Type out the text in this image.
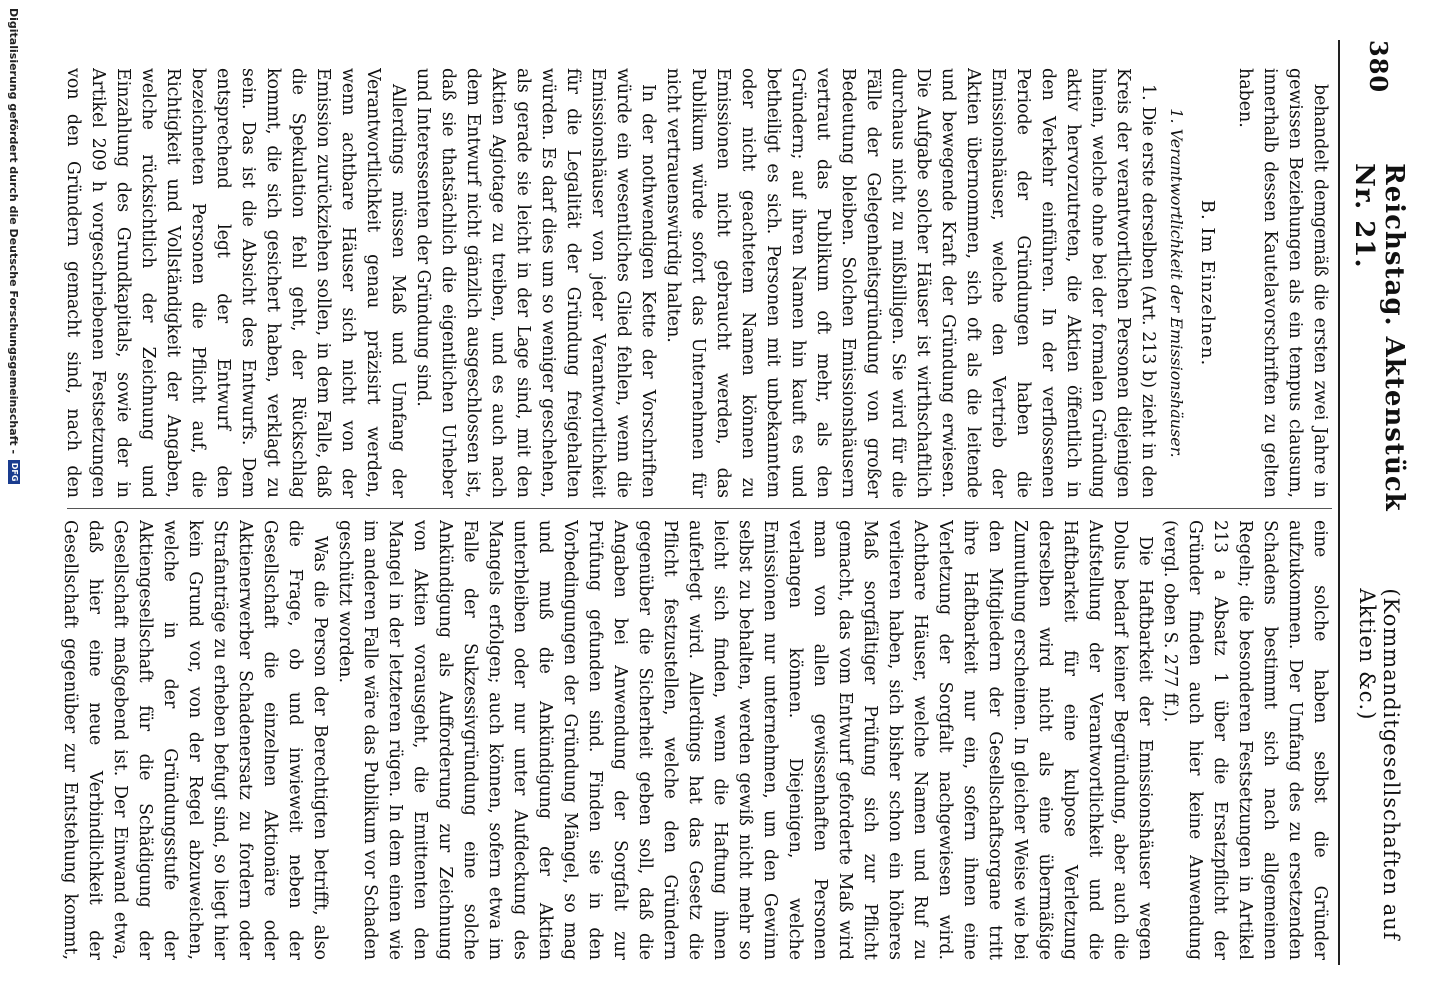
380
Reichstag. Aktenstück Nr. 21.
(Kommanditgesellschaften auf Aktien &c.)

behandelt demgemäß die ersten zwei Jahre in gewissen Beziehungen als ein tempus clausum, innerhalb dessen Kautelavorschriften zu gelten haben.

B. Im Einzelnen.
1. Verantwortlichkeit der Emissionshäuser.

1. Die erste derselben (Art. 213 b) zieht in den Kreis der verantwortlichen Personen diejenigen hinein, welche ohne bei der formalen Gründung aktiv hervorzutreten, die Aktien öffentlich in den Verkehr einführen. In der verflossenen Periode der Gründungen haben die Emissionshäuser, welche den Vertrieb der Aktien übernommen, sich oft als die leitende und bewegende Kraft der Gründung erwiesen. Die Aufgabe solcher Häuser ist wirthschaftlich durchaus nicht zu mißbilligen. Sie wird für die Fälle der Gelegenheitsgründung von großer Bedeutung bleiben. Solchen Emissionshäusern vertraut das Publikum oft mehr, als den Gründern; auf ihren Namen hin kauft es und betheiligt es sich. Personen mit unbekanntem oder nicht geachtetem Namen können zu Emissionen nicht gebraucht werden, das Publikum würde sofort das Unternehmen für nicht vertrauenswürdig halten.

In der nothwendigen Kette der Vorschriften würde ein wesentliches Glied fehlen, wenn die Emissionshäuser von jeder Verantwortlichkeit für die Legalität der Gründung freigehalten würden. Es darf dies um so weniger geschehen, als gerade sie leicht in der Lage sind, mit den Aktien Agiotage zu treiben, und es auch nach dem Entwurf nicht gänzlich ausgeschlossen ist, daß sie thatsächlich die eigentlichen Urheber und Interessenten der Gründung sind.

Allerdings müssen Maß und Umfang der Verantwortlichkeit genau präzisirt werden, wenn achtbare Häuser sich nicht von der Emission zurückziehen sollen, in dem Falle, daß die Spekulation fehl geht, der Rückschlag kommt, die sich gesichert haben, verklagt zu sein. Das ist die Absicht des Entwurfs. Dem entsprechend legt der Entwurf den bezeichneten Personen die Pflicht auf, die Richtigkeit und Vollständigkeit der Angaben, welche rücksichtlich der Zeichnung und Einzahlung des Grundkapitals, sowie der in Artikel 209 h vorgeschriebenen Festsetzungen von den Gründern gemacht sind, nach den

eine solche haben selbst die Gründer aufzukommen. Der Umfang des zu ersetzenden Schadens bestimmt sich nach allgemeinen Regeln; die besonderen Festsetzungen in Artikel 213 a Absatz 1 über die Ersatzpflicht der Gründer finden auch hier keine Anwendung (vergl. oben S. 277 ff.).

Die Haftbarkeit der Emissionshäuser wegen Dolus bedarf keiner Begründung, aber auch die Aufstellung der Verantwortlichkeit und die Haftbarkeit für eine kulpose Verletzung derselben wird nicht als eine übermäßige Zumuthung erscheinen. In gleicher Weise wie bei den Mitgliedern der Gesellschaftsorgane tritt ihre Haftbarkeit nur ein, sofern ihnen eine Verletzung der Sorgfalt nachgewiesen wird. Achtbare Häuser, welche Namen und Ruf zu verlieren haben, sich bisher schon ein höheres Maß sorgfältiger Prüfung sich zur Pflicht gemacht, das vom Entwurf geforderte Maß wird man von allen gewissenhaften Personen verlangen können. Diejenigen, welche Emissionen nur unternehmen, um den Gewinn selbst zu behalten, werden gewiß nicht mehr so leicht sich finden, wenn die Haftung ihnen auferlegt wird. Allerdings hat das Gesetz die Pflicht festzustellen, welche den Gründern gegenüber die Sicherheit geben soll, daß die Angaben bei Anwendung der Sorgfalt zur Prüfung gefunden sind. Finden sie in den Vorbedingungen der Gründung Mängel, so mag und muß die Ankündigung der Aktien unterbleiben oder nur unter Aufdeckung des Mangels erfolgen; auch können, sofern etwa im Falle der Sukzessivgründung eine solche Ankündigung als Aufforderung zur Zeichnung von Aktien vorausgeht, die Emittenten den Mangel in der letzteren rügen. In dem einen wie im anderen Falle wäre das Publikum vor Schaden geschützt worden.

Was die Person der Berechtigten betrifft, also die Frage, ob und inwieweit neben der Gesellschaft die einzelnen Aktionäre oder Aktienerwerber Schadenersatz zu fordern oder Strafanträge zu erheben befugt sind, so liegt hier kein Grund vor, von der Regel abzuweichen, welche in der Gründungsstufe der Aktiengesellschaft für die Schädigung der Gesellschaft maßgebend ist. Der Einwand etwa, daß hier eine neue Verbindlichkeit der Gesellschaft gegenüber zur Entstehung kommt,

Digitalisierung gefördert durch die Deutsche Forschungsgemeinschaft -
DFG
